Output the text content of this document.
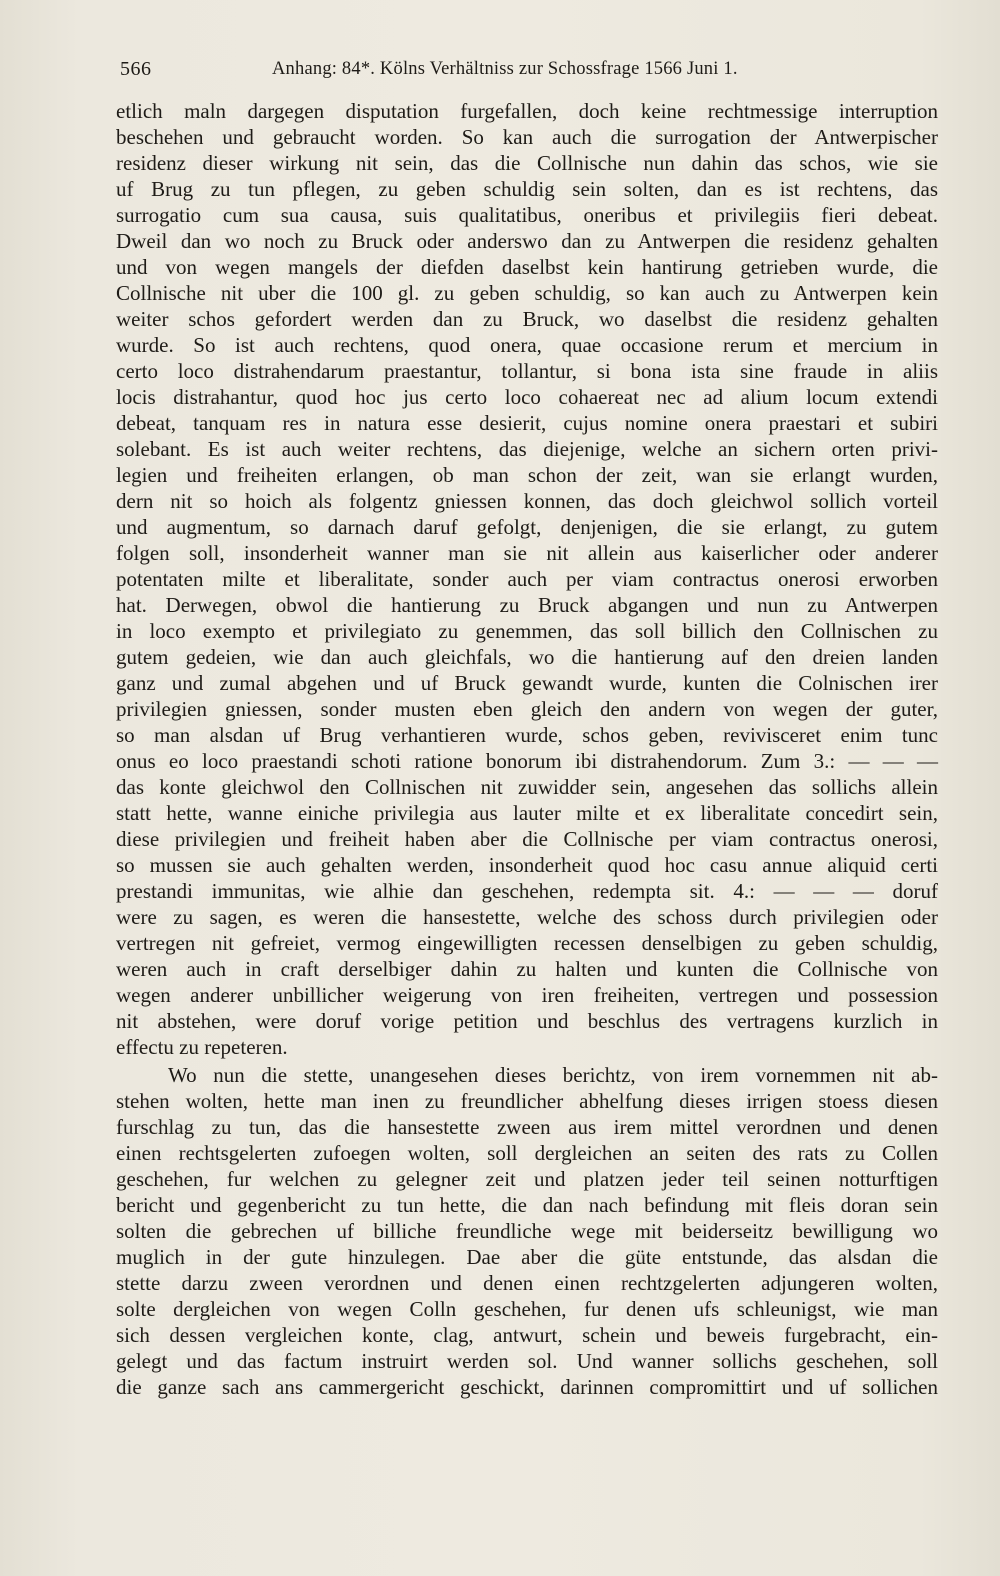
566	Anhang: 84*. Kölns Verhältniss zur Schossfrage 1566 Juni 1.
etlich maln dargegen disputation furgefallen, doch keine rechtmessige interruption
beschehen und gebraucht worden. So kan auch die surrogation der Antwerpischer
residenz dieser wirkung nit sein, das die Collnische nun dahin das schos, wie sie
uf Brug zu tun pflegen, zu geben schuldig sein solten, dan es ist rechtens, das
surrogatio cum sua causa, suis qualitatibus, oneribus et privilegiis fieri debeat.
Dweil dan wo noch zu Bruck oder anderswo dan zu Antwerpen die residenz gehalten
und von wegen mangels der diefden daselbst kein hantirung getrieben wurde, die
Collnische nit uber die 100 gl. zu geben schuldig, so kan auch zu Antwerpen kein
weiter schos gefordert werden dan zu Bruck, wo daselbst die residenz gehalten
wurde. So ist auch rechtens, quod onera, quae occasione rerum et mercium in
certo loco distrahendarum praestantur, tollantur, si bona ista sine fraude in aliis
locis distrahantur, quod hoc jus certo loco cohaereat nec ad alium locum extendi
debeat, tanquam res in natura esse desierit, cujus nomine onera praestari et subiri
solebant. Es ist auch weiter rechtens, das diejenige, welche an sichern orten privi-
legien und freiheiten erlangen, ob man schon der zeit, wan sie erlangt wurden,
dern nit so hoich als folgentz gniessen konnen, das doch gleichwol sollich vorteil
und augmentum, so darnach daruf gefolgt, denjenigen, die sie erlangt, zu gutem
folgen soll, insonderheit wanner man sie nit allein aus kaiserlicher oder anderer
potentaten milte et liberalitate, sonder auch per viam contractus onerosi erworben
hat. Derwegen, obwol die hantierung zu Bruck abgangen und nun zu Antwerpen
in loco exempto et privilegiato zu genemmen, das soll billich den Collnischen zu
gutem gedeien, wie dan auch gleichfals, wo die hantierung auf den dreien landen
ganz und zumal abgehen und uf Bruck gewandt wurde, kunten die Colnischen irer
privilegien gniessen, sonder musten eben gleich den andern von wegen der guter,
so man alsdan uf Brug verhantieren wurde, schos geben, revivisceret enim tunc
onus eo loco praestandi schoti ratione bonorum ibi distrahendorum. Zum 3.: — — —
das konte gleichwol den Collnischen nit zuwidder sein, angesehen das sollichs allein
statt hette, wanne einiche privilegia aus lauter milte et ex liberalitate concedirt sein,
diese privilegien und freiheit haben aber die Collnische per viam contractus onerosi,
so mussen sie auch gehalten werden, insonderheit quod hoc casu annue aliquid certi
prestandi immunitas, wie alhie dan geschehen, redempta sit. 4.: — — — doruf
were zu sagen, es weren die hansestette, welche des schoss durch privilegien oder
vertregen nit gefreiet, vermog eingewilligten recessen denselbigen zu geben schuldig,
weren auch in craft derselbiger dahin zu halten und kunten die Collnische von
wegen anderer unbillicher weigerung von iren freiheiten, vertregen und possession
nit abstehen, were doruf vorige petition und beschlus des vertragens kurzlich in
effectu zu repeteren.
Wo nun die stette, unangesehen dieses berichtz, von irem vornemmen nit ab-
stehen wolten, hette man inen zu freundlicher abhelfung dieses irrigen stoess diesen
furschlag zu tun, das die hansestette zween aus irem mittel verordnen und denen
einen rechtsgelerten zufoegen wolten, soll dergleichen an seiten des rats zu Collen
geschehen, fur welchen zu gelegner zeit und platzen jeder teil seinen notturftigen
bericht und gegenbericht zu tun hette, die dan nach befindung mit fleis doran sein
solten die gebrechen uf billiche freundliche wege mit beiderseitz bewilligung wo
muglich in der gute hinzulegen. Dae aber die güte entstunde, das alsdan die
stette darzu zween verordnen und denen einen rechtzgelerten adjungeren wolten,
solte dergleichen von wegen Colln geschehen, fur denen ufs schleunigst, wie man
sich dessen vergleichen konte, clag, antwurt, schein und beweis furgebracht, ein-
gelegt und das factum instruirt werden sol. Und wanner sollichs geschehen, soll
die ganze sach ans cammergericht geschickt, darinnen compromittirt und uf sollichen
